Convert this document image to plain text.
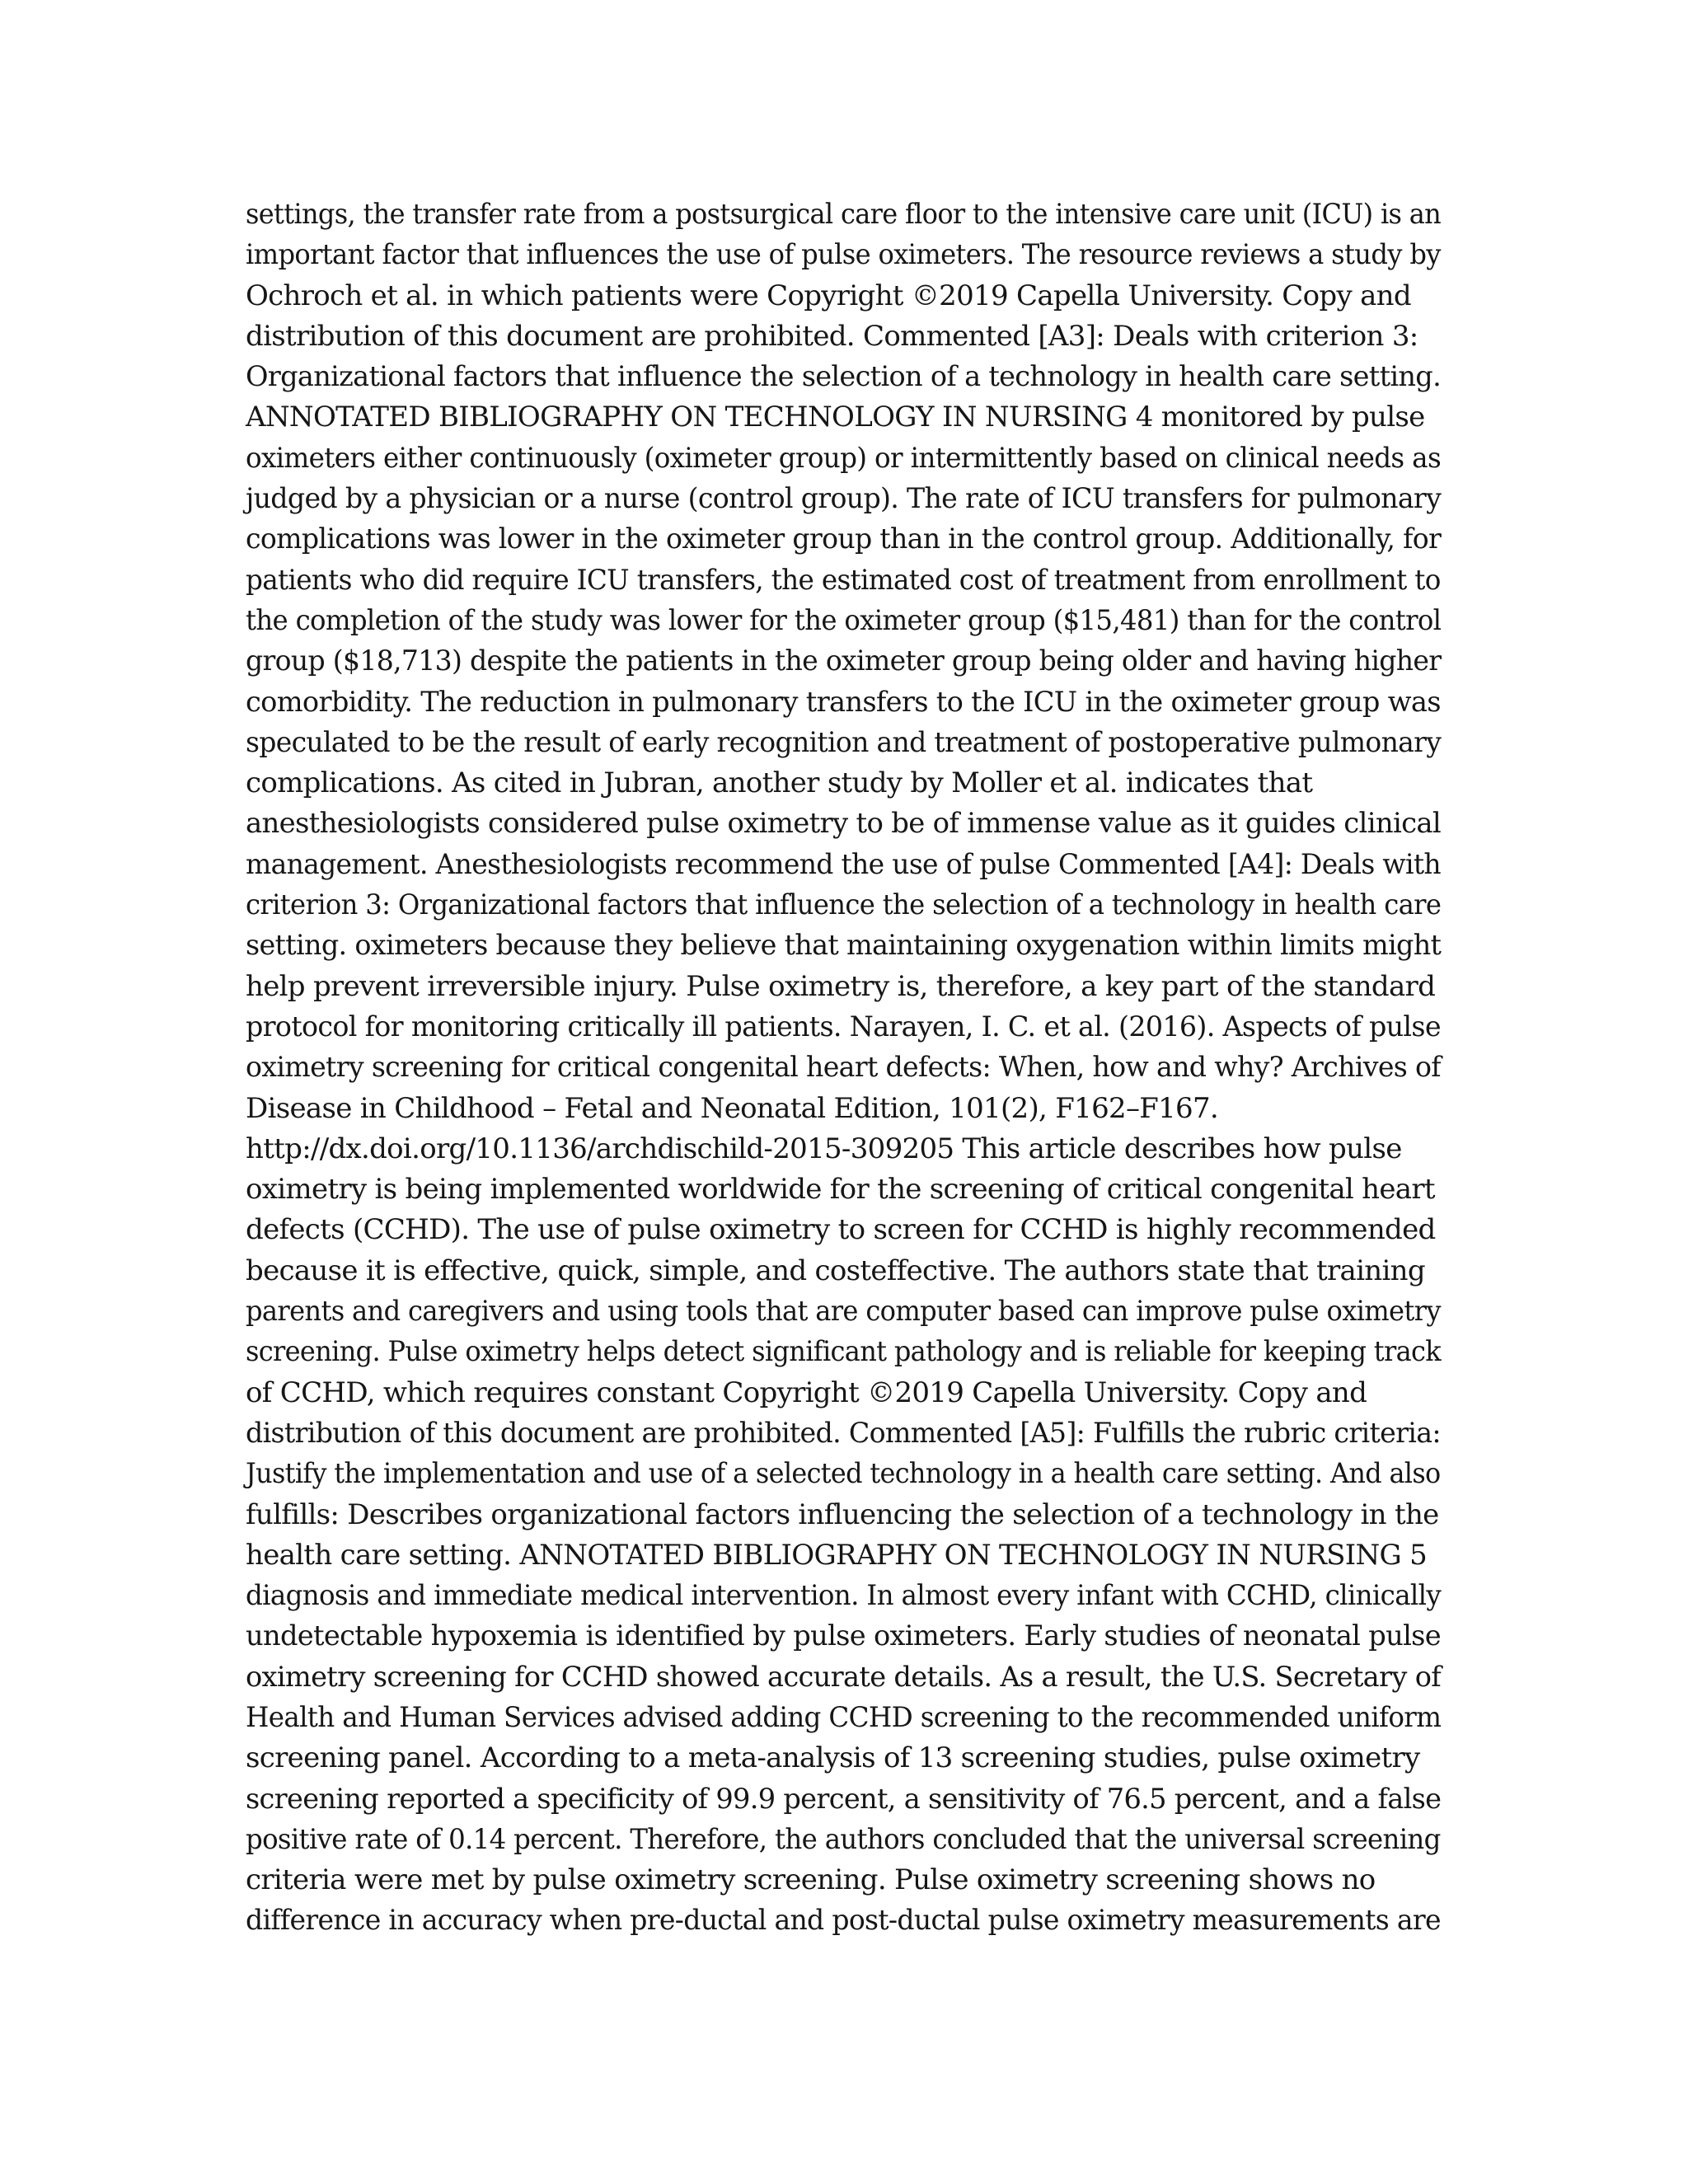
settings, the transfer rate from a postsurgical care floor to the intensive care unit (ICU) is an
important factor that influences the use of pulse oximeters. The resource reviews a study by
Ochroch et al. in which patients were Copyright ©2019 Capella University. Copy and
distribution of this document are prohibited. Commented [A3]: Deals with criterion 3:
Organizational factors that influence the selection of a technology in health care setting.
ANNOTATED BIBLIOGRAPHY ON TECHNOLOGY IN NURSING 4 monitored by pulse
oximeters either continuously (oximeter group) or intermittently based on clinical needs as
judged by a physician or a nurse (control group). The rate of ICU transfers for pulmonary
complications was lower in the oximeter group than in the control group. Additionally, for
patients who did require ICU transfers, the estimated cost of treatment from enrollment to
the completion of the study was lower for the oximeter group ($15,481) than for the control
group ($18,713) despite the patients in the oximeter group being older and having higher
comorbidity. The reduction in pulmonary transfers to the ICU in the oximeter group was
speculated to be the result of early recognition and treatment of postoperative pulmonary
complications. As cited in Jubran, another study by Moller et al. indicates that
anesthesiologists considered pulse oximetry to be of immense value as it guides clinical
management. Anesthesiologists recommend the use of pulse Commented [A4]: Deals with
criterion 3: Organizational factors that influence the selection of a technology in health care
setting. oximeters because they believe that maintaining oxygenation within limits might
help prevent irreversible injury. Pulse oximetry is, therefore, a key part of the standard
protocol for monitoring critically ill patients. Narayen, I. C. et al. (2016). Aspects of pulse
oximetry screening for critical congenital heart defects: When, how and why? Archives of
Disease in Childhood – Fetal and Neonatal Edition, 101(2), F162–F167.
http://dx.doi.org/10.1136/archdischild-2015-309205 This article describes how pulse
oximetry is being implemented worldwide for the screening of critical congenital heart
defects (CCHD). The use of pulse oximetry to screen for CCHD is highly recommended
because it is effective, quick, simple, and costeffective. The authors state that training
parents and caregivers and using tools that are computer based can improve pulse oximetry
screening. Pulse oximetry helps detect significant pathology and is reliable for keeping track
of CCHD, which requires constant Copyright ©2019 Capella University. Copy and
distribution of this document are prohibited. Commented [A5]: Fulfills the rubric criteria:
Justify the implementation and use of a selected technology in a health care setting. And also
fulfills: Describes organizational factors influencing the selection of a technology in the
health care setting. ANNOTATED BIBLIOGRAPHY ON TECHNOLOGY IN NURSING 5
diagnosis and immediate medical intervention. In almost every infant with CCHD, clinically
undetectable hypoxemia is identified by pulse oximeters. Early studies of neonatal pulse
oximetry screening for CCHD showed accurate details. As a result, the U.S. Secretary of
Health and Human Services advised adding CCHD screening to the recommended uniform
screening panel. According to a meta-analysis of 13 screening studies, pulse oximetry
screening reported a specificity of 99.9 percent, a sensitivity of 76.5 percent, and a false
positive rate of 0.14 percent. Therefore, the authors concluded that the universal screening
criteria were met by pulse oximetry screening. Pulse oximetry screening shows no
difference in accuracy when pre-ductal and post-ductal pulse oximetry measurements are
